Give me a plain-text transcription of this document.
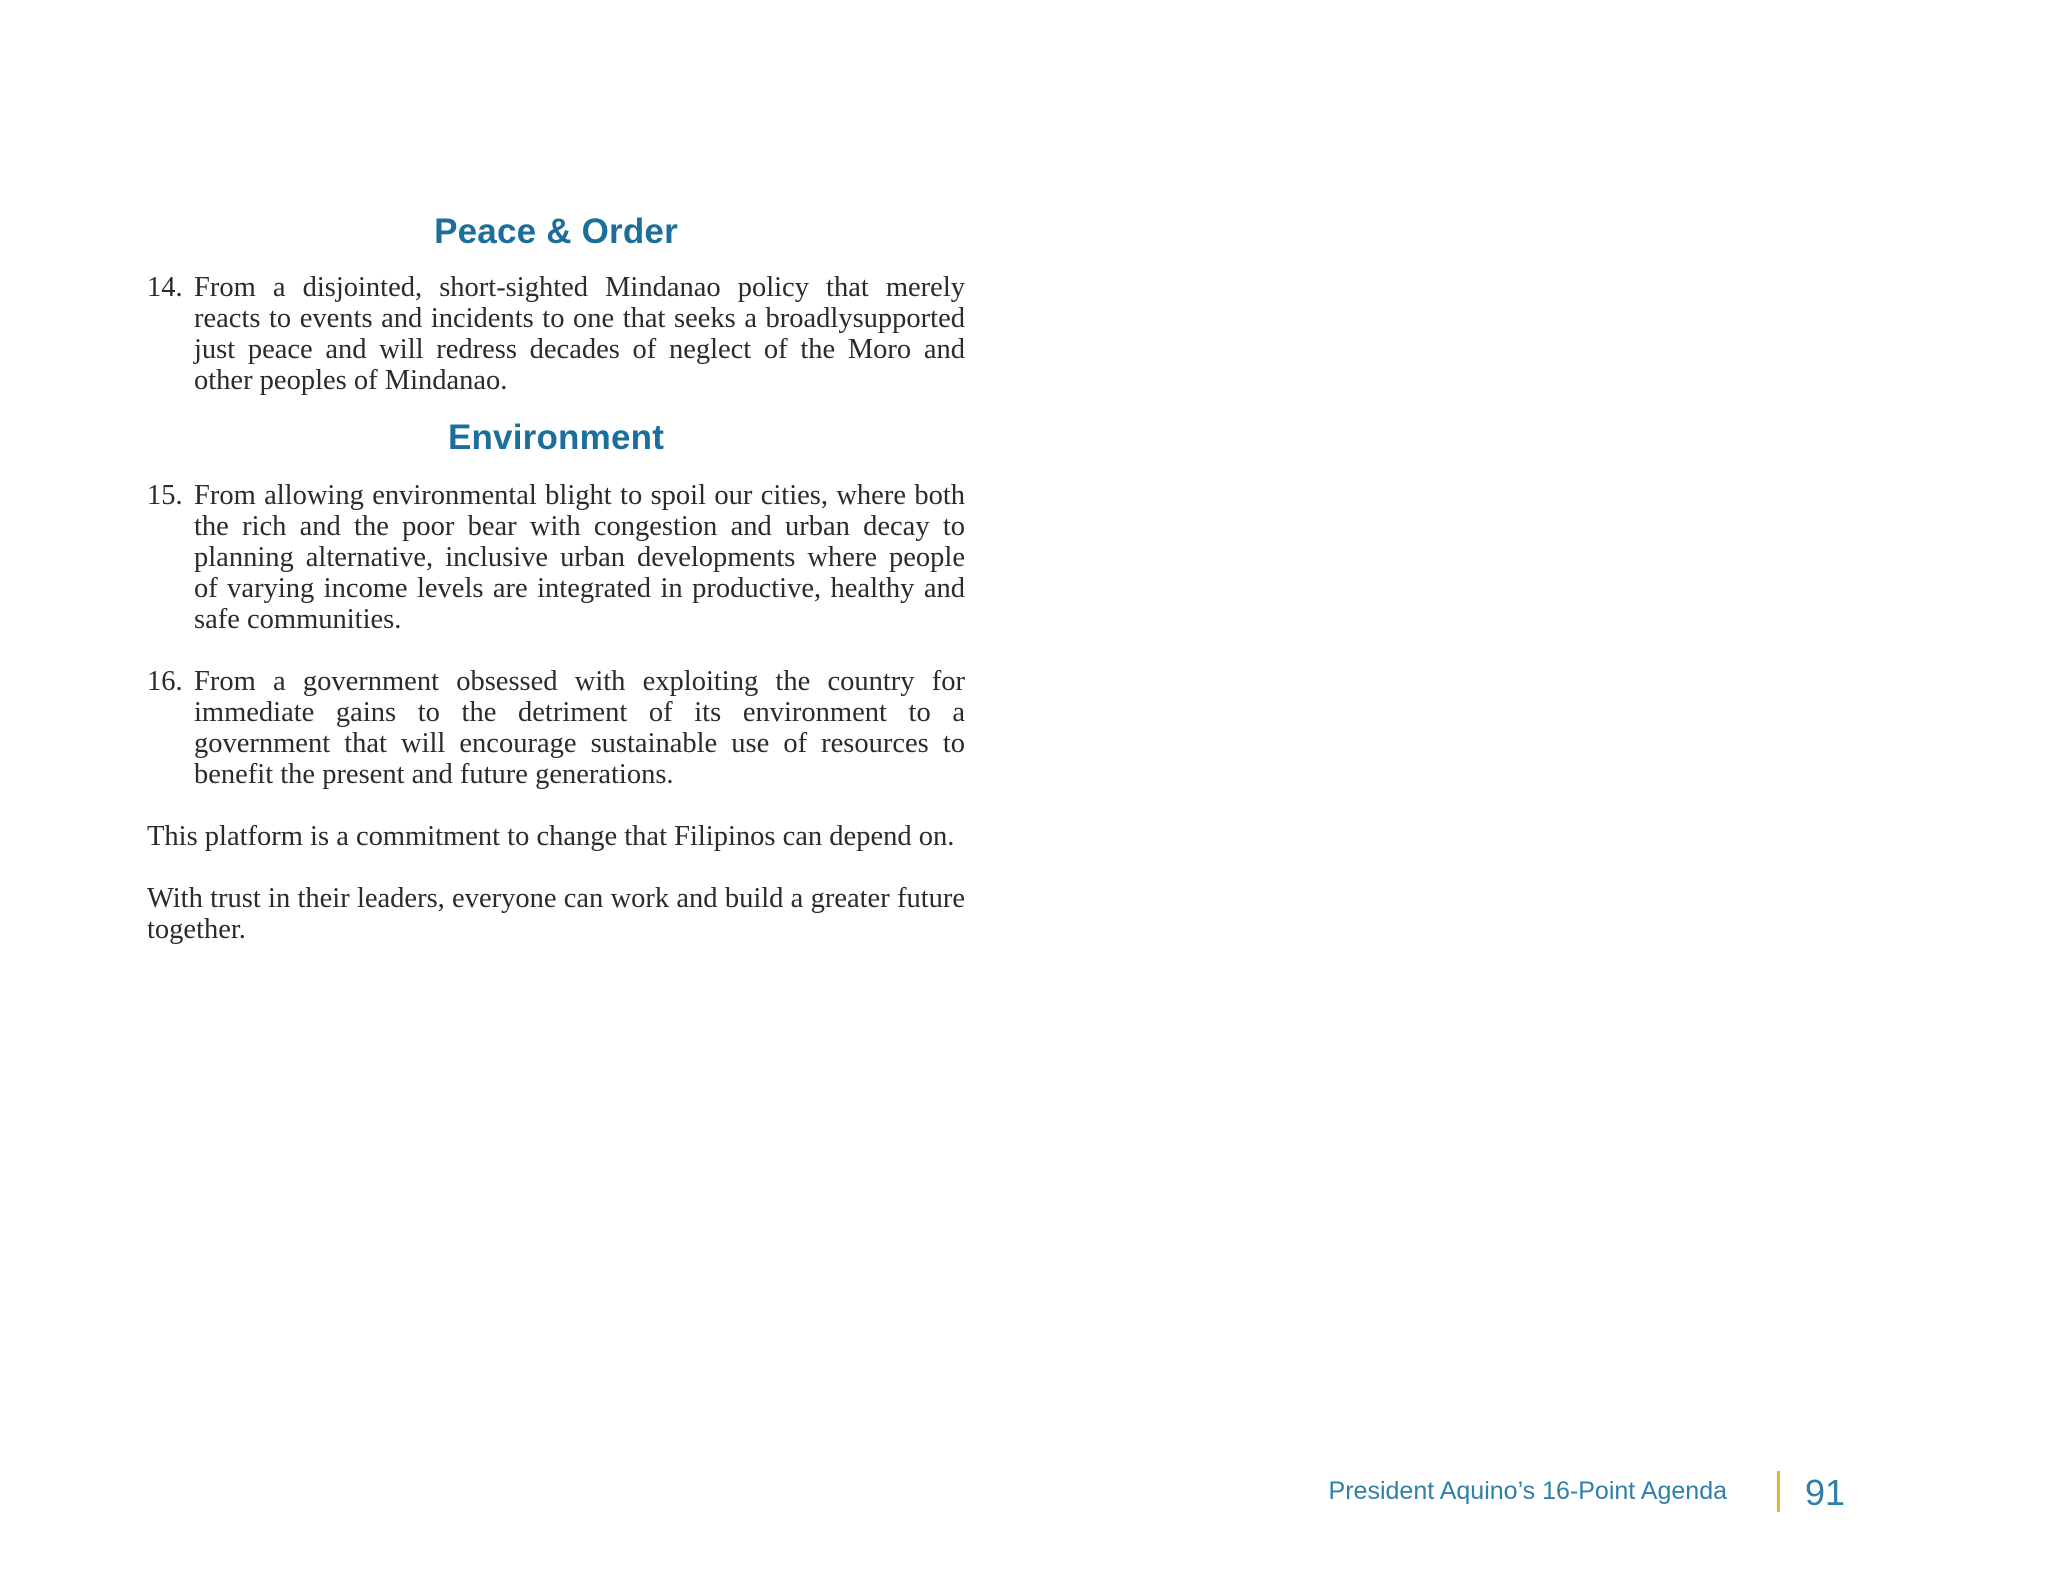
Peace & Order

14. From a disjointed, short-sighted Mindanao policy that merely reacts to events and incidents to one that seeks a broadlysupported just peace and will redress decades of neglect of the Moro and other peoples of Mindanao.

Environment

15. From allowing environmental blight to spoil our cities, where both the rich and the poor bear with congestion and urban decay to planning alternative, inclusive urban developments where people of varying income levels are integrated in productive, healthy and safe communities.

16. From a government obsessed with exploiting the country for immediate gains to the detriment of its environment to a government that will encourage sustainable use of resources to benefit the present and future generations.

This platform is a commitment to change that Filipinos can depend on.

With trust in their leaders, everyone can work and build a greater future together.

President Aquino’s 16-Point Agenda 91
